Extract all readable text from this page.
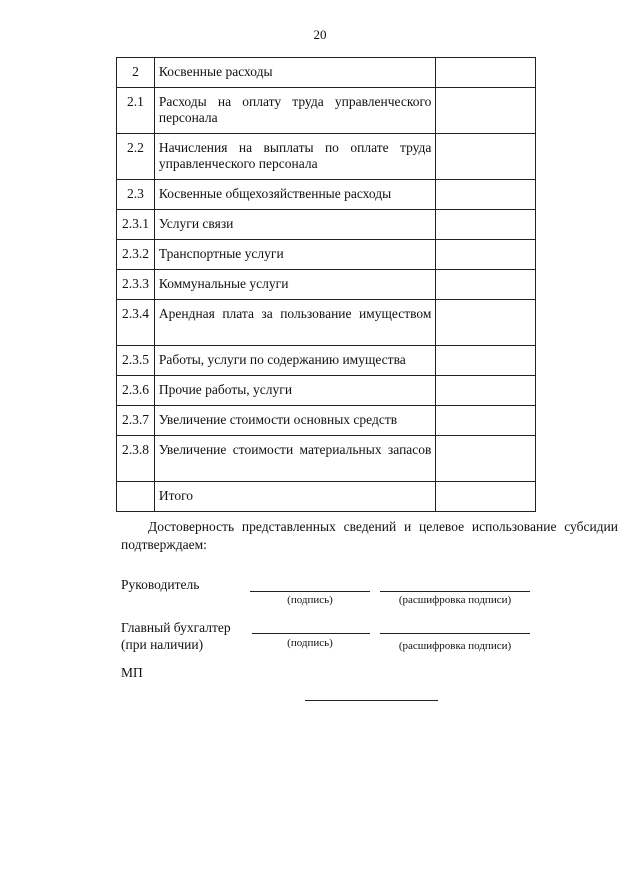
20
2	Косвенные расходы	
2.1	Расходы на оплату труда управленческого персонала	
2.2	Начисления на выплаты по оплате труда управленческого персонала	
2.3	Косвенные общехозяйственные расходы	
2.3.1	Услуги связи	
2.3.2	Транспортные услуги	
2.3.3	Коммунальные услуги	
2.3.4	Арендная плата за пользование имуществом	
2.3.5	Работы, услуги по содержанию имущества	
2.3.6	Прочие работы, услуги	
2.3.7	Увеличение стоимости основных средств	
2.3.8	Увеличение стоимости материальных запасов	
	Итого	
Достоверность представленных сведений и целевое использование субсидии подтверждаем:
Руководитель
(подпись)	(расшифровка подписи)
Главный бухгалтер
(при наличии)	(подпись)	(расшифровка подписи)
МП
